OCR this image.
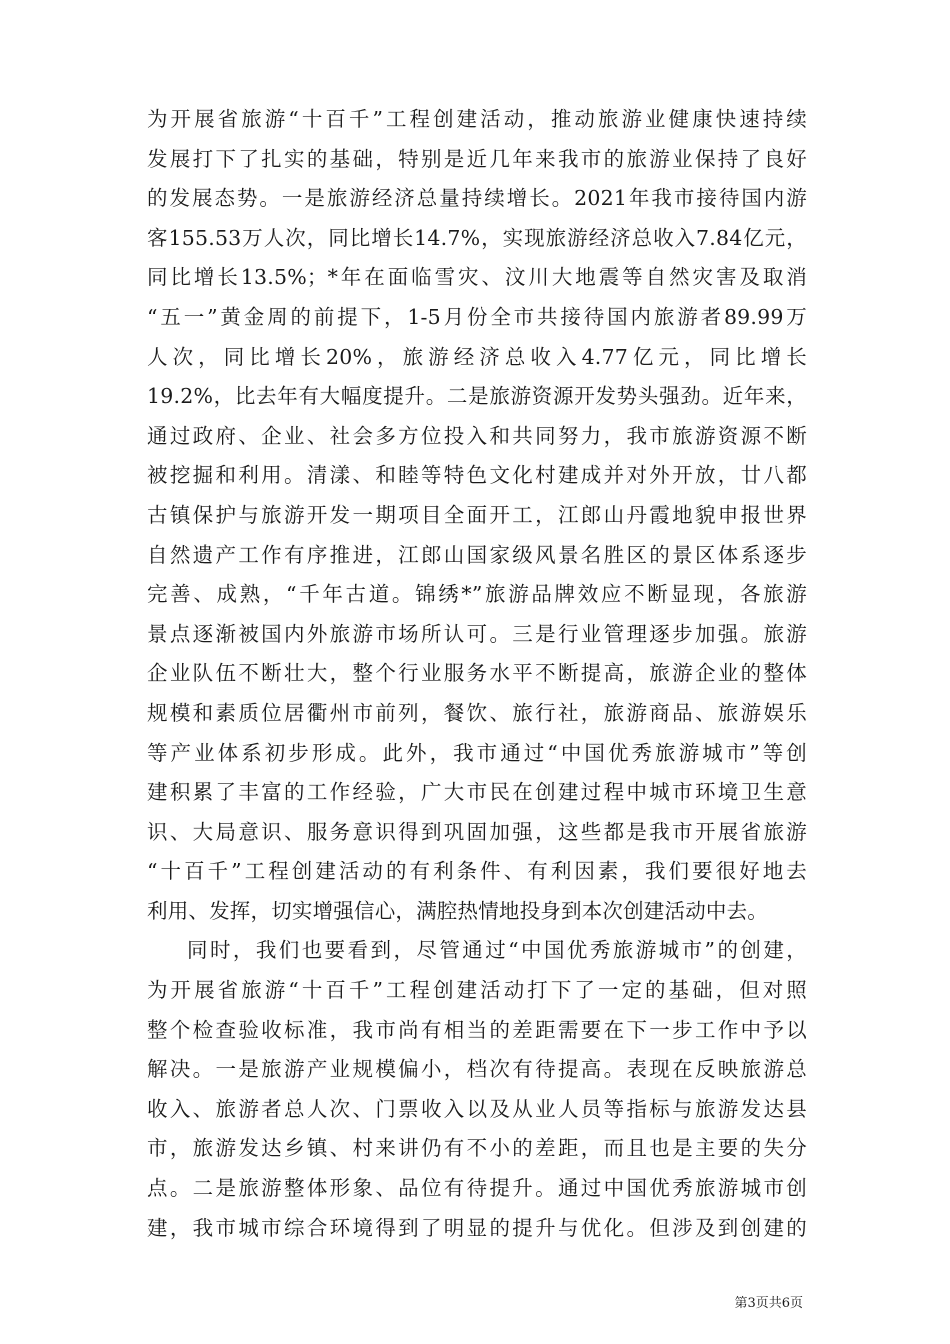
为开展省旅游“十百千”工程创建活动，推动旅游业健康快速持续
发展打下了扎实的基础，特别是近几年来我市的旅游业保持了良好
的发展态势。一是旅游经济总量持续增长。2021年我市接待国内游
客155.53万人次，同比增长14.7%，实现旅游经济总收入7.84亿元，
同比增长13.5%；*年在面临雪灾、汶川大地震等自然灾害及取消
“五一”黄金周的前提下，1-5月份全市共接待国内旅游者89.99万
人次，同比增长20%，旅游经济总收入4.77亿元，同比增长
19.2%，比去年有大幅度提升。二是旅游资源开发势头强劲。近年来，
通过政府、企业、社会多方位投入和共同努力，我市旅游资源不断
被挖掘和利用。清漾、和睦等特色文化村建成并对外开放，廿八都
古镇保护与旅游开发一期项目全面开工，江郎山丹霞地貌申报世界
自然遗产工作有序推进，江郎山国家级风景名胜区的景区体系逐步
完善、成熟，“千年古道。锦绣*”旅游品牌效应不断显现，各旅游
景点逐渐被国内外旅游市场所认可。三是行业管理逐步加强。旅游
企业队伍不断壮大，整个行业服务水平不断提高，旅游企业的整体
规模和素质位居衢州市前列，餐饮、旅行社，旅游商品、旅游娱乐
等产业体系初步形成。此外，我市通过“中国优秀旅游城市”等创
建积累了丰富的工作经验，广大市民在创建过程中城市环境卫生意
识、大局意识、服务意识得到巩固加强，这些都是我市开展省旅游
“十百千”工程创建活动的有利条件、有利因素，我们要很好地去
利用、发挥，切实增强信心，满腔热情地投身到本次创建活动中去。
同时，我们也要看到，尽管通过“中国优秀旅游城市”的创建，
为开展省旅游“十百千”工程创建活动打下了一定的基础，但对照
整个检查验收标准，我市尚有相当的差距需要在下一步工作中予以
解决。一是旅游产业规模偏小，档次有待提高。表现在反映旅游总
收入、旅游者总人次、门票收入以及从业人员等指标与旅游发达县
市，旅游发达乡镇、村来讲仍有不小的差距，而且也是主要的失分
点。二是旅游整体形象、品位有待提升。通过中国优秀旅游城市创
建，我市城市综合环境得到了明显的提升与优化。但涉及到创建的
第3页共6页
